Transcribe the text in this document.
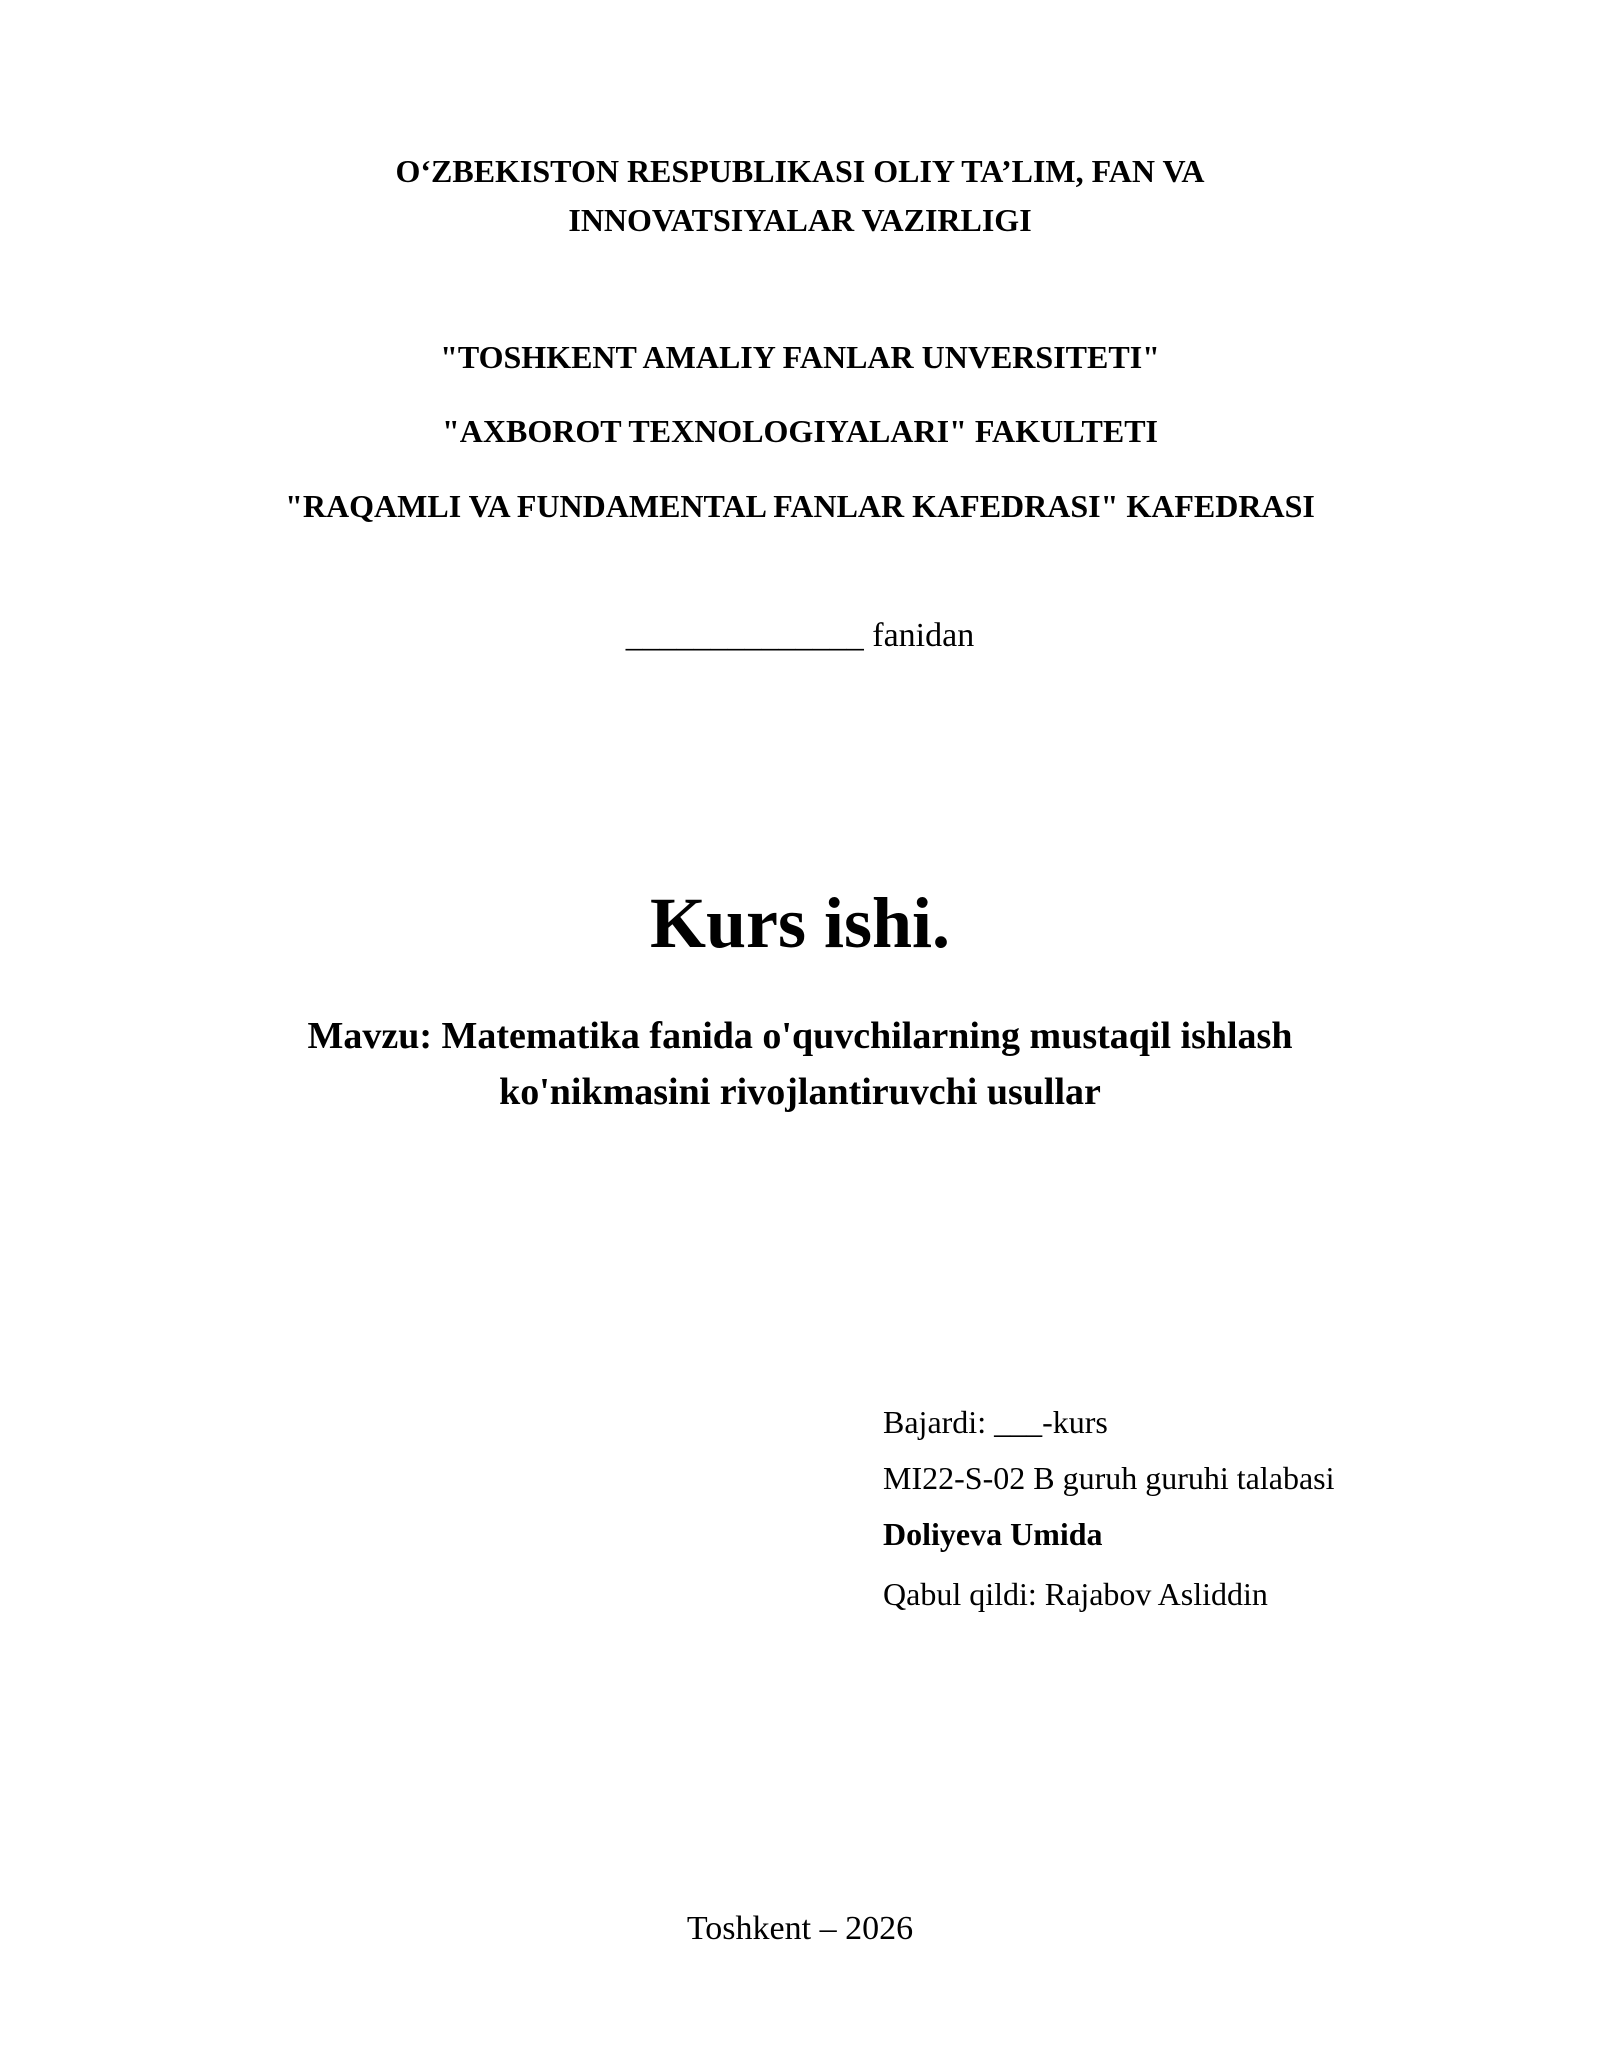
O‘ZBEKISTON RESPUBLIKASI OLIY TA’LIM, FAN VA
INNOVATSIYALAR VAZIRLIGI
"TOSHKENT AMALIY FANLAR UNVERSITETI"
"AXBOROT TEXNOLOGIYALARI" FAKULTETI
"RAQAMLI VA FUNDAMENTAL FANLAR KAFEDRASI" KAFEDRASI
______________ fanidan
Kurs ishi.
Mavzu: Matematika fanida o'quvchilarning mustaqil ishlash
ko'nikmasini rivojlantiruvchi usullar
Bajardi: ___-kurs
MI22-S-02 B guruh guruhi talabasi
Doliyeva Umida
Qabul qildi: Rajabov Asliddin
Toshkent – 2026
